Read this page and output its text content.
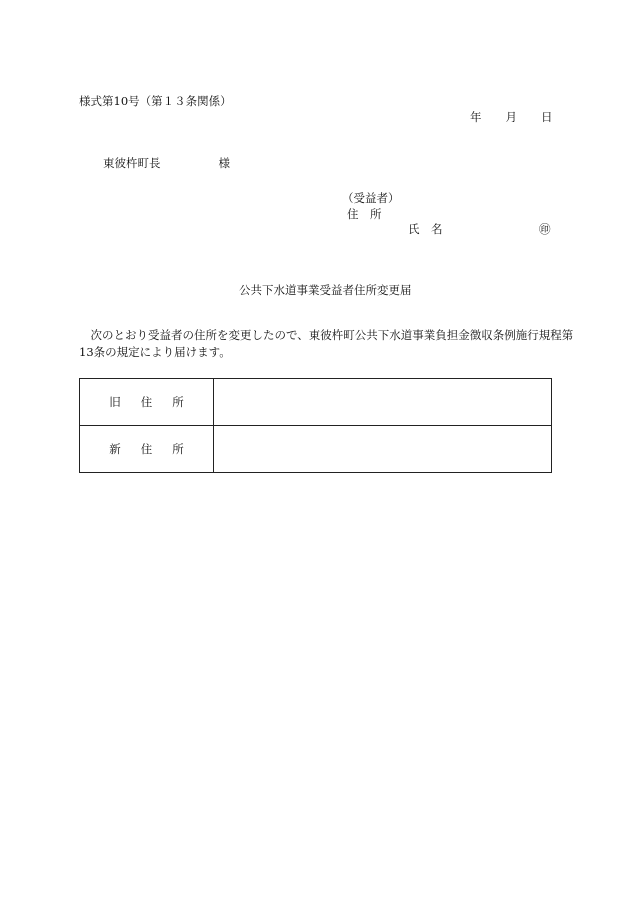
様式第10号（第１３条関係）
年 月 日
東彼杵町長	様
（受益者）
住　所
氏　名	㊞
公共下水道事業受益者住所変更届
　次のとおり受益者の住所を変更したので、東彼杵町公共下水道事業負担金徴収条例施行規程第13条の規定により届けます。
旧 住 所	
新 住 所	
